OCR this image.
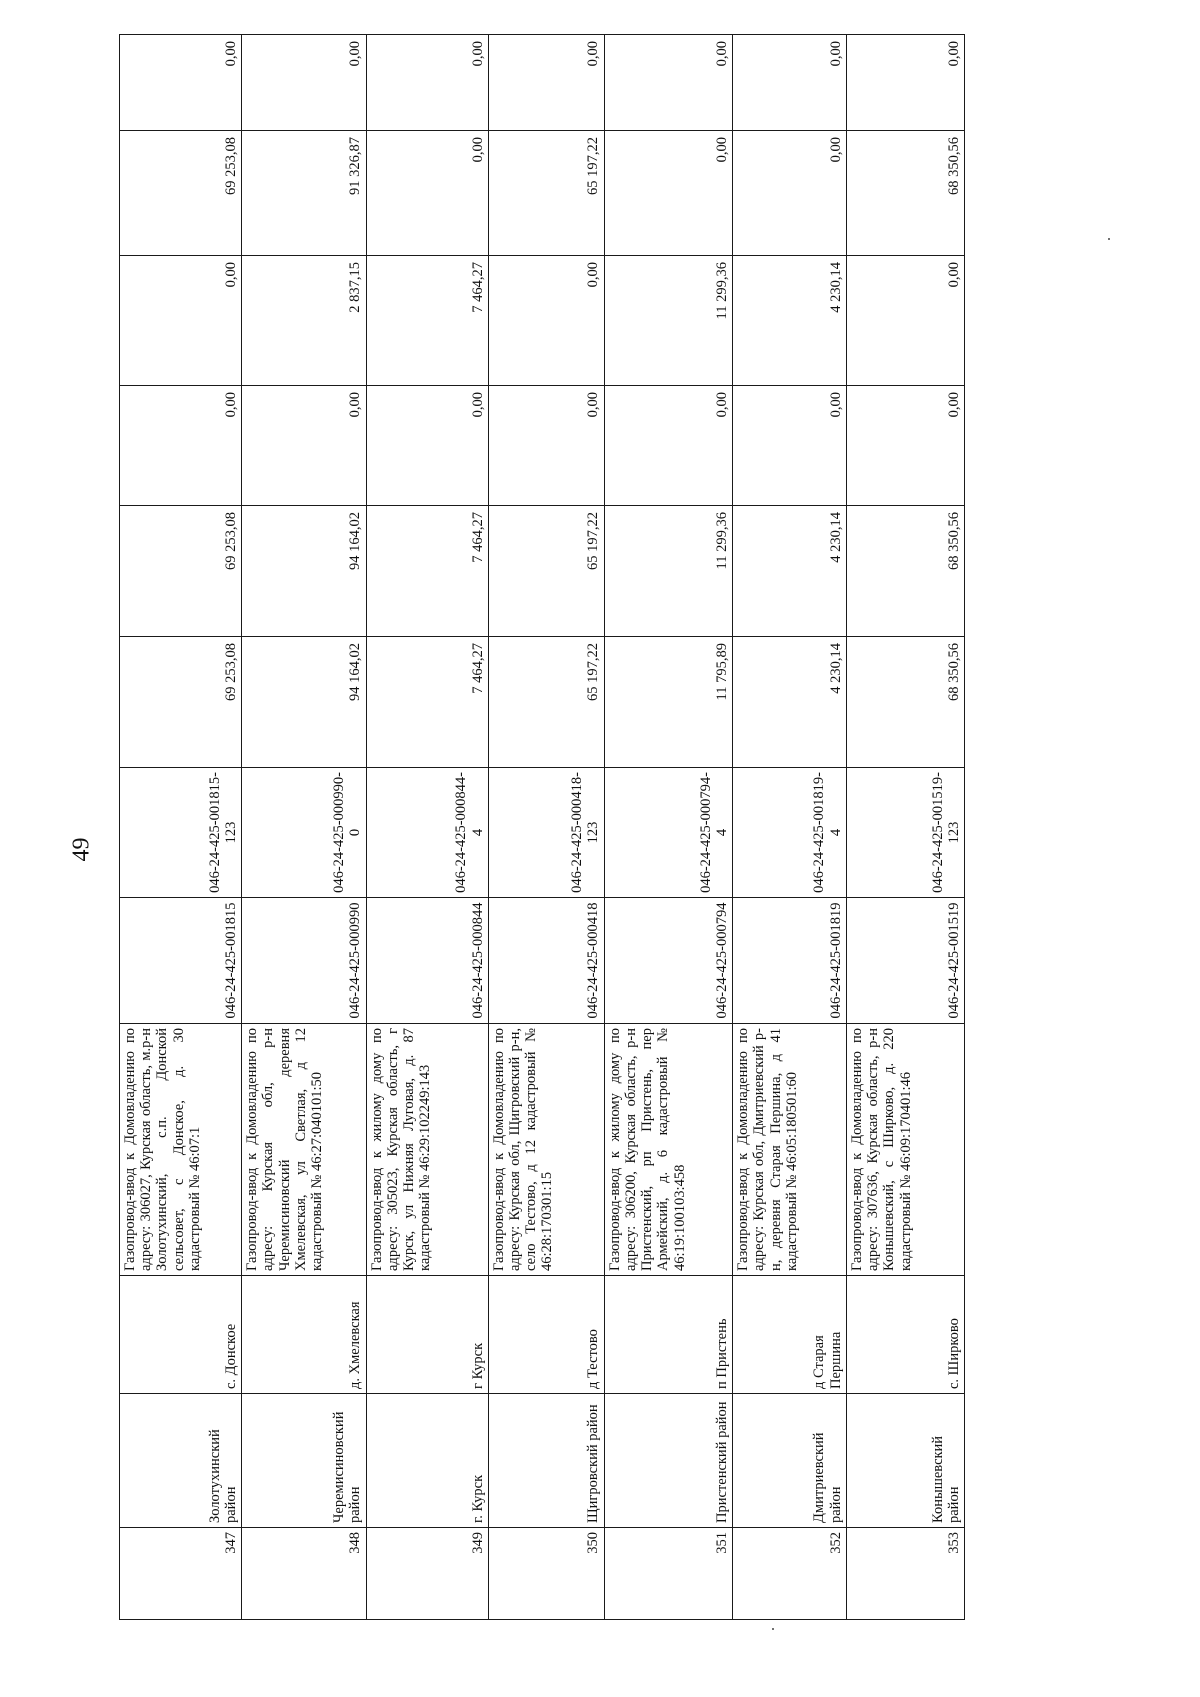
49
347	Золотухинский район	с. Донское	Газопровод-ввод к Домовладению по адресу: 306027, Курская область, м.р-н Золотухинский, с.п. Донской сельсовет, с Донское, д. 30 кадастровый № 46:07:1	046-24-425-001815	046-24-425-001815-123	69 253,08	69 253,08	0,00	0,00	69 253,08	0,00
348	Черемисиновский район	д. Хмелевская	Газопровод-ввод к Домовладению по адресу: Курская обл, р-н Черемисиновский деревня Хмелевская, ул Светлая, д 12 кадастровый № 46:27:040101:50	046-24-425-000990	046-24-425-000990-0	94 164,02	94 164,02	0,00	2 837,15	91 326,87	0,00
349	г. Курск	г Курск	Газопровод-ввод к жилому дому по адресу: 305023, Курская область, г Курск, ул Нижняя Луговая, д. 87 кадастровый № 46:29:102249:143	046-24-425-000844	046-24-425-000844-4	7 464,27	7 464,27	0,00	7 464,27	0,00	0,00
350	Щигровский район	д Тестово	Газопровод-ввод к Домовладению по адресу: Курская обл, Щигровский р-н, село Тестово, д 12 кадастровый № 46:28:170301:15	046-24-425-000418	046-24-425-000418-123	65 197,22	65 197,22	0,00	0,00	65 197,22	0,00
351	Пристенский район	п Пристень	Газопровод-ввод к жилому дому по адресу: 306200, Курская область, р-н Пристенский, рп Пристень, пер Армейский, д. 6 кадастровый № 46:19:100103:458	046-24-425-000794	046-24-425-000794-4	11 795,89	11 299,36	0,00	11 299,36	0,00	0,00
352	Дмитриевский район	д Старая Першина	Газопровод-ввод к Домовладению по адресу: Курская обл, Дмитриевский р-н, деревня Старая Першина, д 41 кадастровый № 46:05:180501:60	046-24-425-001819	046-24-425-001819-4	4 230,14	4 230,14	0,00	4 230,14	0,00	0,00
353	Конышевский район	с. Ширково	Газопровод-ввод к Домовладению по адресу: 307636, Курская область, р-н Конышевский, с Ширково, д. 220 кадастровый № 46:09:170401:46	046-24-425-001519	046-24-425-001519-123	68 350,56	68 350,56	0,00	0,00	68 350,56	0,00
